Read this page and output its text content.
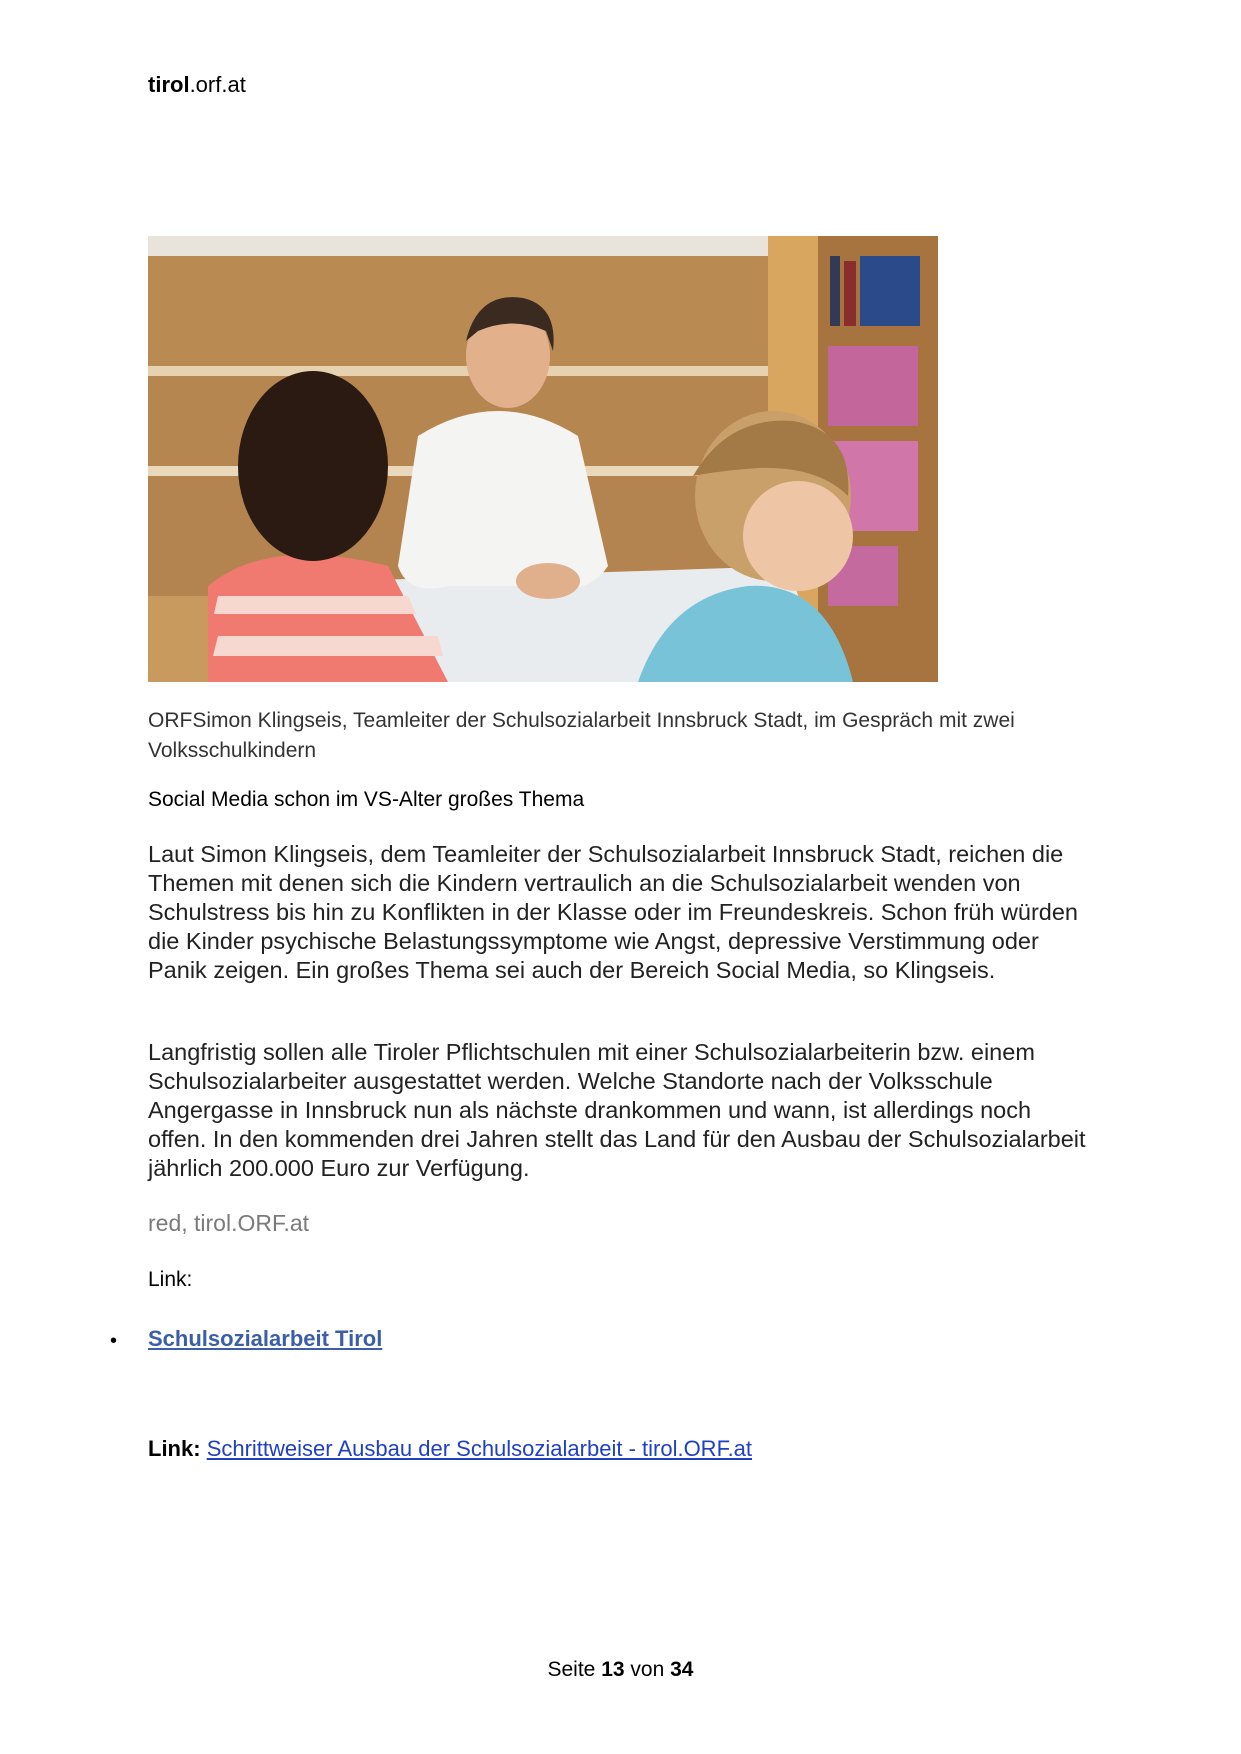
tirol.orf.at
ORFSimon Klingseis, Teamleiter der Schulsozialarbeit Innsbruck Stadt, im Gespräch mit zwei Volksschulkindern
Social Media schon im VS-Alter großes Thema
Laut Simon Klingseis, dem Teamleiter der Schulsozialarbeit Innsbruck Stadt, reichen die Themen mit denen sich die Kindern vertraulich an die Schulsozialarbeit wenden von Schulstress bis hin zu Konflikten in der Klasse oder im Freundeskreis. Schon früh würden die Kinder psychische Belastungssymptome wie Angst, depressive Verstimmung oder Panik zeigen. Ein großes Thema sei auch der Bereich Social Media, so Klingseis.
Langfristig sollen alle Tiroler Pflichtschulen mit einer Schulsozialarbeiterin bzw. einem Schulsozialarbeiter ausgestattet werden. Welche Standorte nach der Volksschule Angergasse in Innsbruck nun als nächste drankommen und wann, ist allerdings noch offen. In den kommenden drei Jahren stellt das Land für den Ausbau der Schulsozialarbeit jährlich 200.000 Euro zur Verfügung.
red, tirol.ORF.at
Link:
• Schulsozialarbeit Tirol
Link: Schrittweiser Ausbau der Schulsozialarbeit - tirol.ORF.at
Seite 13 von 34
